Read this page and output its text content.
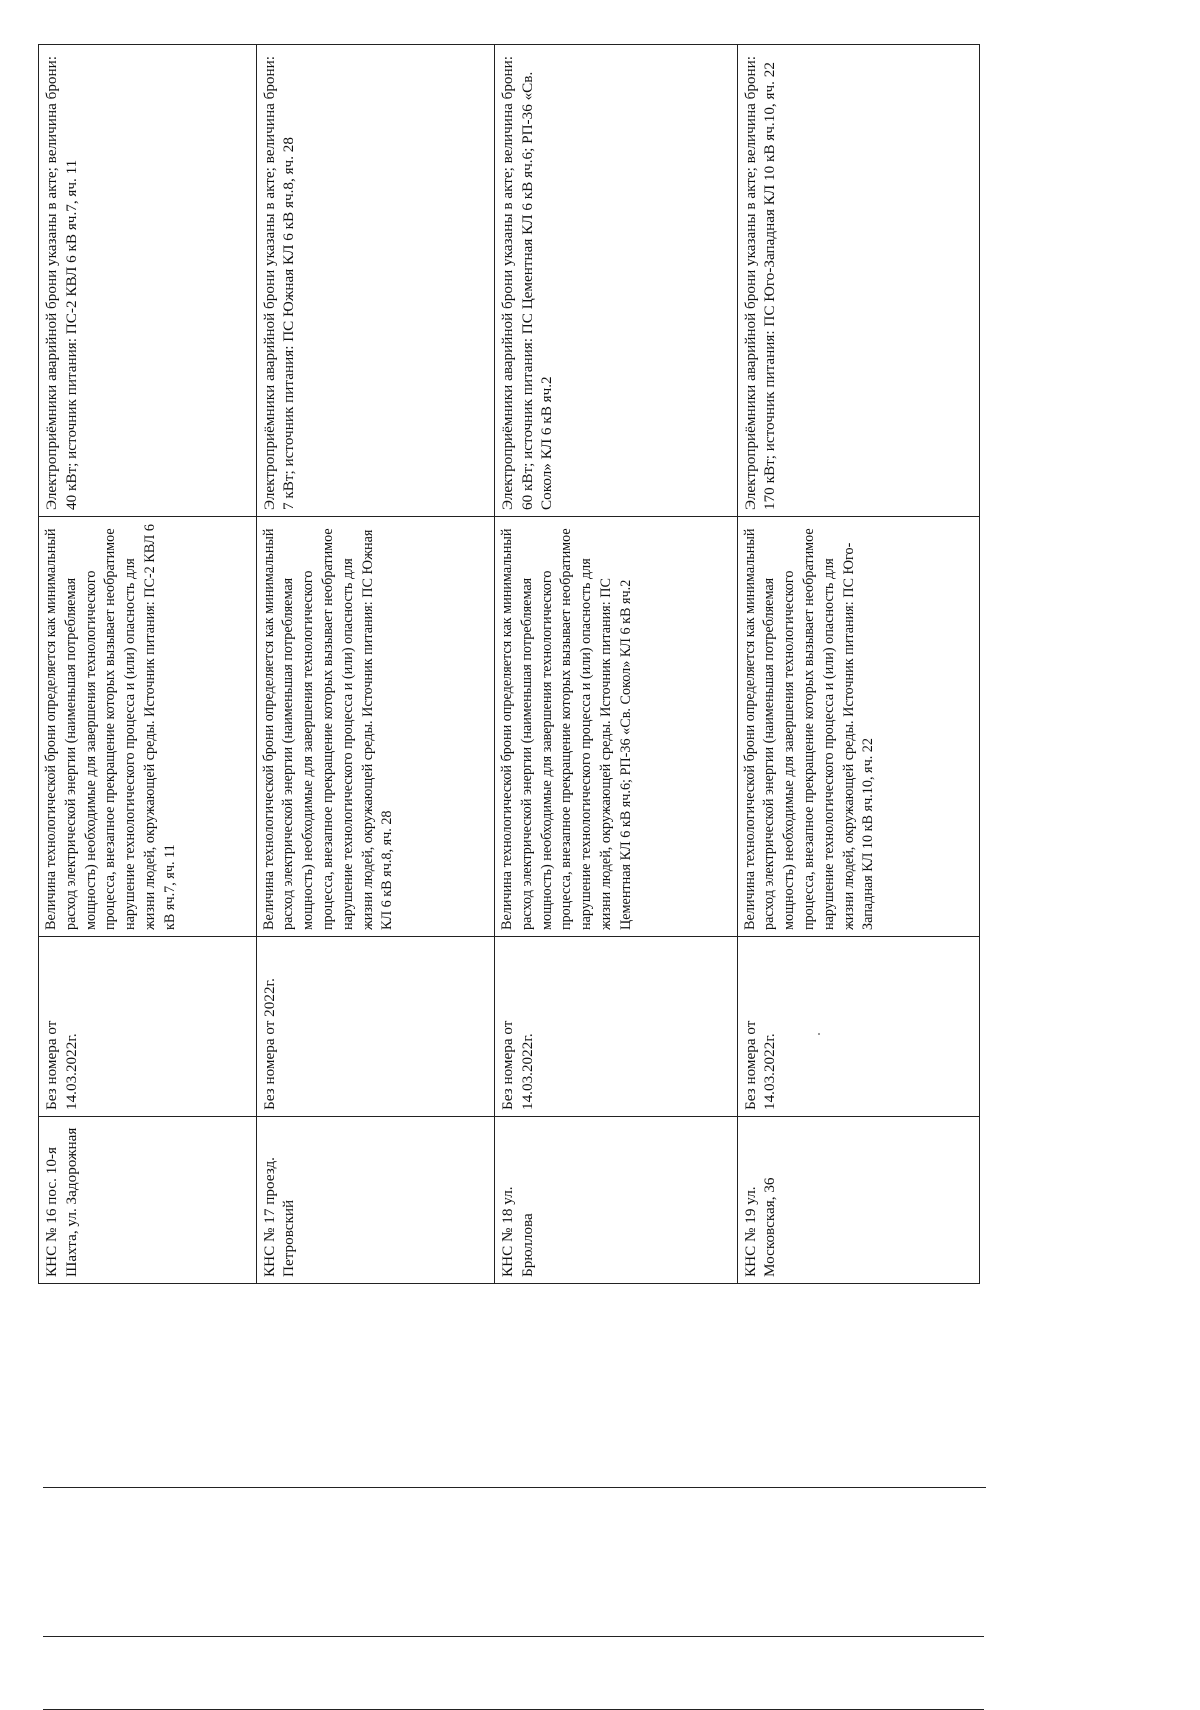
КНС № 16 пос. 10-я Шахта, ул. Задорожная
Без номера от 14.03.2022г.
Величина технологической брони определяется как минимальный расход электрической энергии (наименьшая потребляемая мощность) необходимые для завершения технологического процесса, внезапное прекращение которых вызывает необратимое нарушение технологического процесса и (или) опасность для жизни людей, окружающей среды. Источник питания: ПС-2 КВЛ 6 кВ яч.7, яч. 11
Электроприёмники аварийной брони указаны в акте; величина брони: 40 кВт; источник питания: ПС-2 КВЛ 6 кВ яч.7, яч. 11
КНС № 17 проезд. Петровский
Без номера от 2022г.
Величина технологической брони определяется как минимальный расход электрической энергии (наименьшая потребляемая мощность) необходимые для завершения технологического процесса, внезапное прекращение которых вызывает необратимое нарушение технологического процесса и (или) опасность для жизни людей, окружающей среды. Источник питания: ПС Южная КЛ 6 кВ яч.8, яч. 28
Электроприёмники аварийной брони указаны в акте; величина брони: 7 кВт; источник питания: ПС Южная КЛ 6 кВ яч.8, яч. 28
КНС № 18 ул. Брюллова
Без номера от 14.03.2022г.
Величина технологической брони определяется как минимальный расход электрической энергии (наименьшая потребляемая мощность) необходимые для завершения технологического процесса, внезапное прекращение которых вызывает необратимое нарушение технологического процесса и (или) опасность для жизни людей, окружающей среды. Источник питания: ПС Цементная КЛ 6 кВ яч.6; РП-36 «Св. Сокол» КЛ 6 кВ яч.2
Электроприёмники аварийной брони указаны в акте; величина брони: 60 кВт; источник питания: ПС Цементная КЛ 6 кВ яч.6; РП-36 «Св. Сокол» КЛ 6 кВ яч.2
КНС № 19 ул. Московская, 36
Без номера от 14.03.2022г.
Величина технологической брони определяется как минимальный расход электрической энергии (наименьшая потребляемая мощность) необходимые для завершения технологического процесса, внезапное прекращение которых вызывает необратимое нарушение технологического процесса и (или) опасность для жизни людей, окружающей среды. Источник питания: ПС Юго- Западная КЛ 10 кВ яч.10, яч. 22
Электроприёмники аварийной брони указаны в акте; величина брони: 170 кВт; источник питания: ПС Юго-Западная КЛ 10 кВ яч.10, яч. 22
